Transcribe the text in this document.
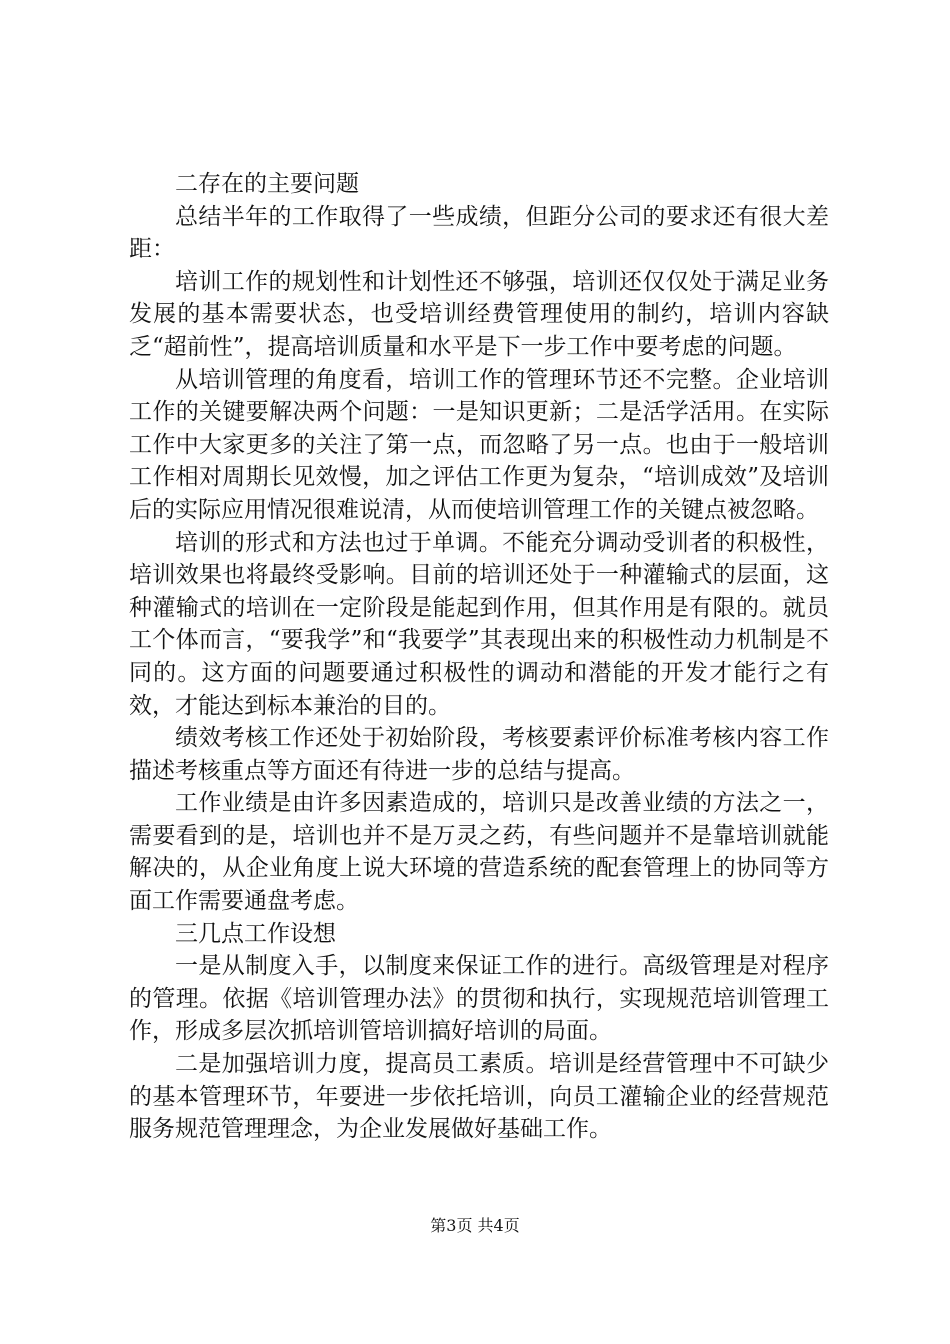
二存在的主要问题

总结半年的工作取得了一些成绩，但距分公司的要求还有很大差距：

培训工作的规划性和计划性还不够强，培训还仅仅处于满足业务发展的基本需要状态，也受培训经费管理使用的制约，培训内容缺乏“超前性”，提高培训质量和水平是下一步工作中要考虑的问题。

从培训管理的角度看，培训工作的管理环节还不完整。企业培训工作的关键要解决两个问题：一是知识更新；二是活学活用。在实际工作中大家更多的关注了第一点，而忽略了另一点。也由于一般培训工作相对周期长见效慢，加之评估工作更为复杂，“培训成效”及培训后的实际应用情况很难说清，从而使培训管理工作的关键点被忽略。

培训的形式和方法也过于单调。不能充分调动受训者的积极性，培训效果也将最终受影响。目前的培训还处于一种灌输式的层面，这种灌输式的培训在一定阶段是能起到作用，但其作用是有限的。就员工个体而言，“要我学”和“我要学”其表现出来的积极性动力机制是不同的。这方面的问题要通过积极性的调动和潜能的开发才能行之有效，才能达到标本兼治的目的。

绩效考核工作还处于初始阶段，考核要素评价标准考核内容工作描述考核重点等方面还有待进一步的总结与提高。

工作业绩是由许多因素造成的，培训只是改善业绩的方法之一，需要看到的是，培训也并不是万灵之药，有些问题并不是靠培训就能解决的，从企业角度上说大环境的营造系统的配套管理上的协同等方面工作需要通盘考虑。

三几点工作设想

一是从制度入手，以制度来保证工作的进行。高级管理是对程序的管理。依据《培训管理办法》的贯彻和执行，实现规范培训管理工作，形成多层次抓培训管培训搞好培训的局面。

二是加强培训力度，提高员工素质。培训是经营管理中不可缺少的基本管理环节，年要进一步依托培训，向员工灌输企业的经营规范服务规范管理理念，为企业发展做好基础工作。

第3页 共4页
